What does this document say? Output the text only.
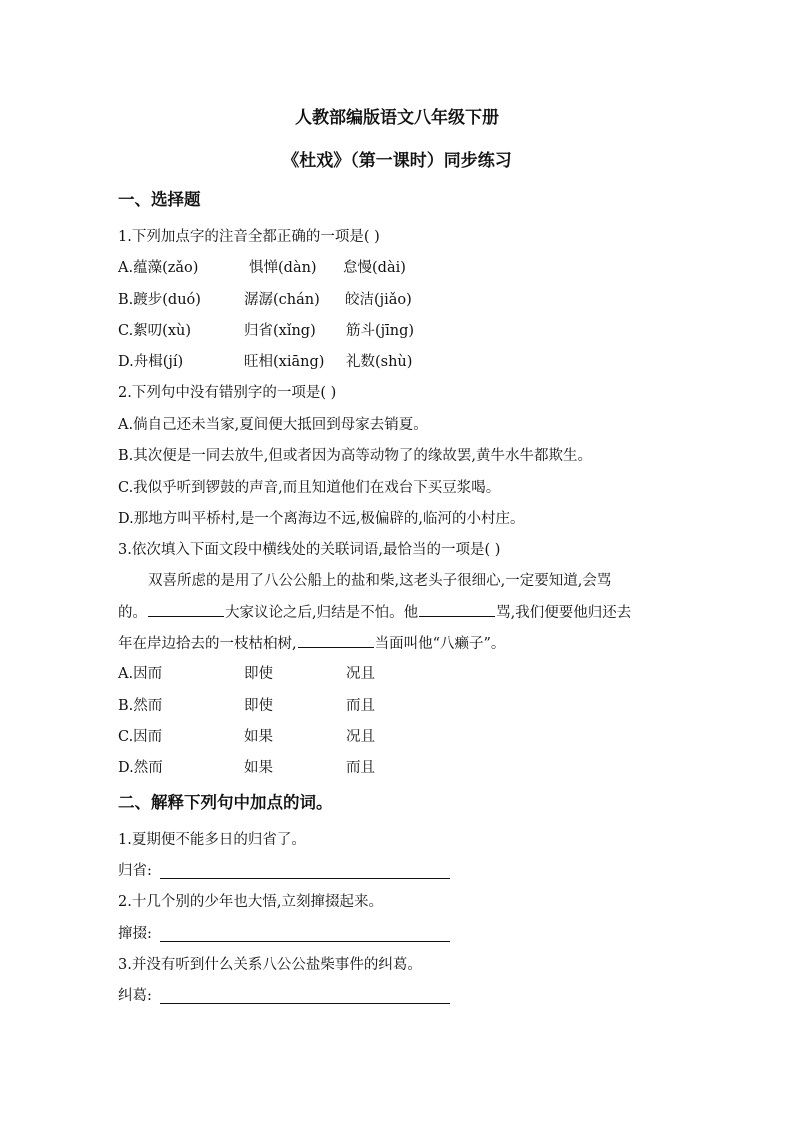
人教部编版语文八年级下册
《杜戏》（第一课时）同步练习
一、选择题
1.下列加点字的注音全都正确的一项是( )
A.蕴藻(zǎo)	惧惮(dàn) 怠慢(dài)
B.踱步(duó)	潺潺(chán) 皎洁(jiǎo)
C.絮叨(xù)	归省(xǐng) 筋斗(jīng)
D.舟楫(jí)	旺相(xiāng) 礼数(shù)
2.下列句中没有错别字的一项是( )
A.倘自己还未当家,夏间便大抵回到母家去销夏。
B.其次便是一同去放牛,但或者因为高等动物了的缘故罢,黄牛水牛都欺生。
C.我似乎听到锣鼓的声音,而且知道他们在戏台下买豆浆喝。
D.那地方叫平桥村,是一个离海边不远,极偏辟的,临河的小村庄。
3.依次填入下面文段中横线处的关联词语,最恰当的一项是( )
双喜所虑的是用了八公公船上的盐和柴,这老头子很细心,一定要知道,会骂
的。	大家议论之后,归结是不怕。他	骂,我们便要他归还去
年在岸边拾去的一枝枯桕树,	当面叫他“八癞子”。
A.因而	即使	况且
B.然而	即使	而且
C.因而	如果	况且
D.然而	如果	而且
二、解释下列句中加点的词。
1.夏期便不能多日的归省了。
归省:
2.十几个别的少年也大悟,立刻撺掇起来。
撺掇:
3.并没有听到什么关系八公公盐柴事件的纠葛。
纠葛:
